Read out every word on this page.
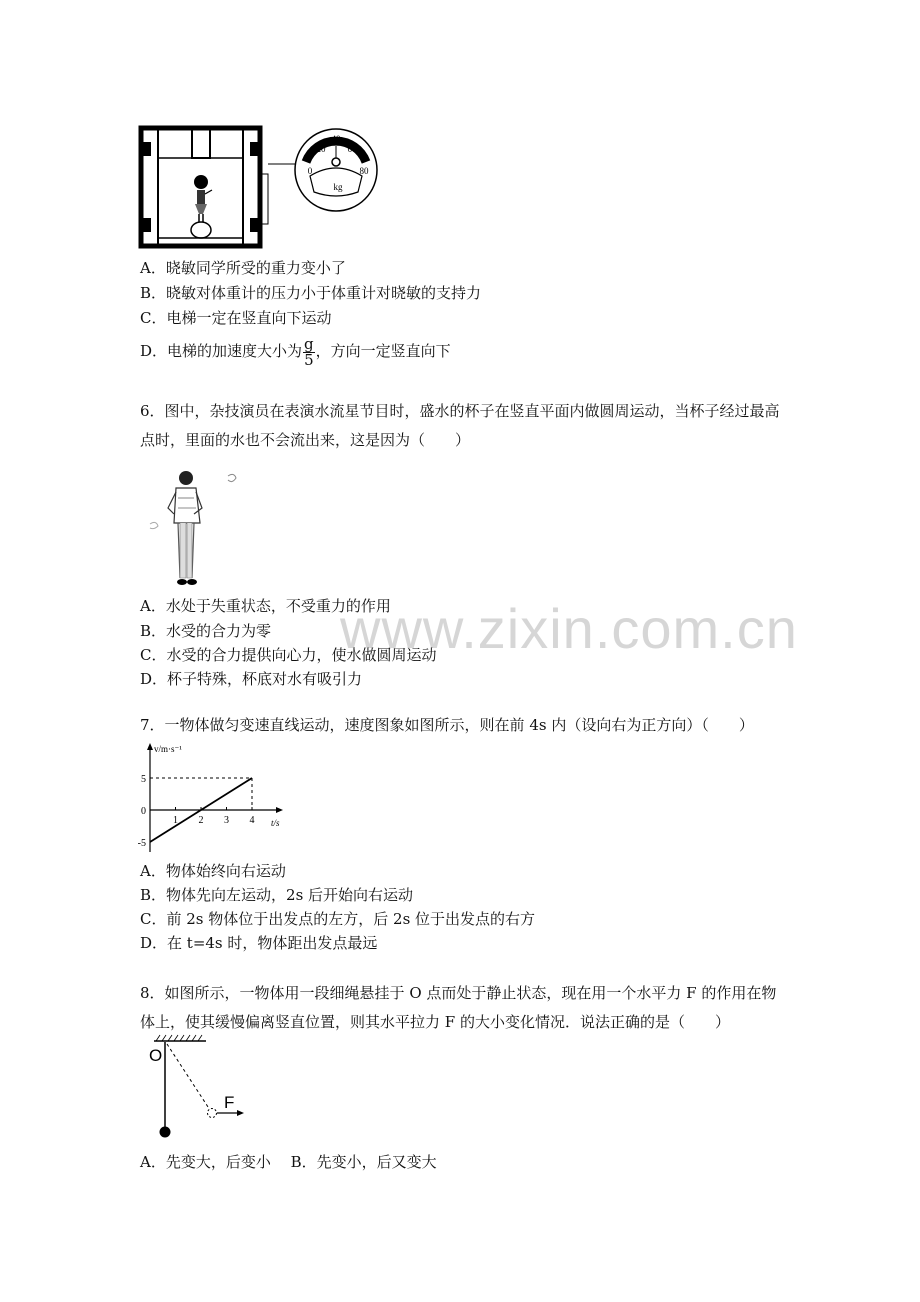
www.zixin.com.cn
0
20
40
60
80
kg
A．晓敏同学所受的重力变小了
B．晓敏对体重计的压力小于体重计对晓敏的支持力
C．电梯一定在竖直向下运动
D．电梯的加速度大小为 $\frac{g}{5}$ ，方向一定竖直向下
6．图中，杂技演员在表演水流星节目时，盛水的杯子在竖直平面内做圆周运动，当杯子经过最高点时，里面的水也不会流出来，这是因为（　　）
A．水处于失重状态，不受重力的作用
B．水受的合力为零
C．水受的合力提供向心力，使水做圆周运动
D．杯子特殊，杯底对水有吸引力
7．一物体做匀变速直线运动，速度图象如图所示，则在前 4s 内（设向右为正方向）（　　）
v/m·s⁻¹
t/s
1 2 3 4
5
0
-5
A．物体始终向右运动
B．物体先向左运动，2s 后开始向右运动
C．前 2s 物体位于出发点的左方，后 2s 位于出发点的右方
D．在 t=4s 时，物体距出发点最远
8．如图所示，一物体用一段细绳悬挂于 O 点而处于静止状态，现在用一个水平力 F 的作用在物体上，使其缓慢偏离竖直位置，则其水平拉力 F 的大小变化情况．说法正确的是（　　）
O
F
A．先变大，后变小　 B．先变小，后又变大
